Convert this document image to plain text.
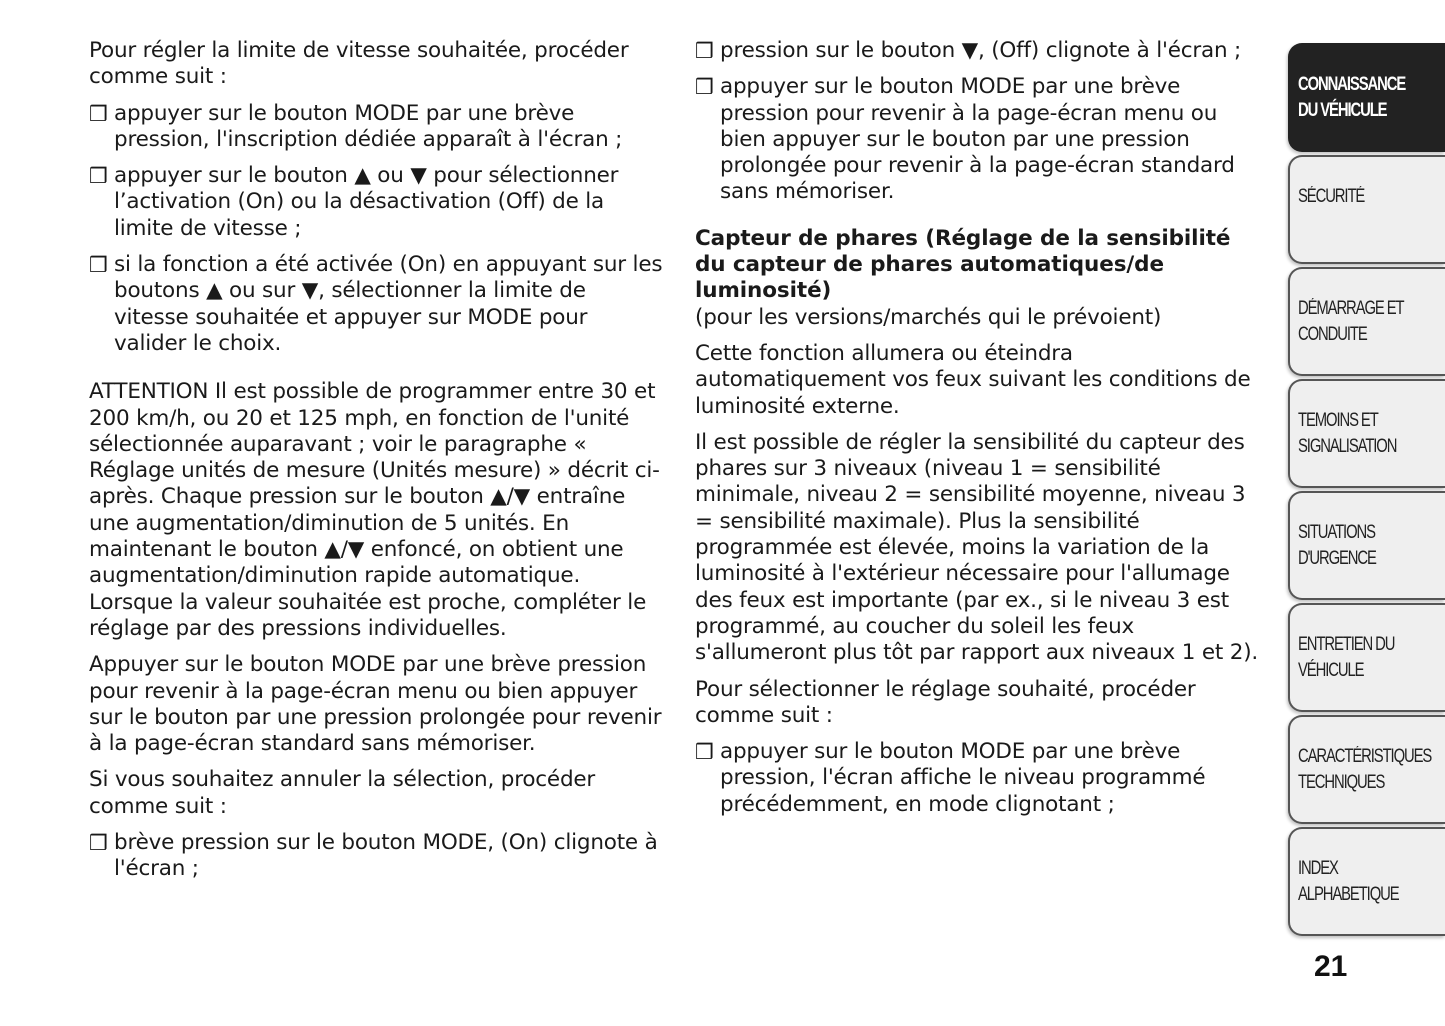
Pour régler la limite de vitesse souhaitée, procéder comme suit :

❒ appuyer sur le bouton MODE par une brève pression, l'inscription dédiée apparaît à l'écran ;

❒ appuyer sur le bouton ▲ ou ▼ pour sélectionner l’activation (On) ou la désactivation (Off) de la limite de vitesse ;

❒ si la fonction a été activée (On) en appuyant sur les boutons ▲ ou sur ▼, sélectionner la limite de vitesse souhaitée et appuyer sur MODE pour valider le choix.

ATTENTION Il est possible de programmer entre 30 et 200 km/h, ou 20 et 125 mph, en fonction de l'unité sélectionnée auparavant ; voir le paragraphe « Réglage unités de mesure (Unités mesure) » décrit ci-après. Chaque pression sur le bouton ▲/▼ entraîne une augmentation/diminution de 5 unités. En maintenant le bouton ▲/▼ enfoncé, on obtient une augmentation/diminution rapide automatique. Lorsque la valeur souhaitée est proche, compléter le réglage par des pressions individuelles.

Appuyer sur le bouton MODE par une brève pression pour revenir à la page-écran menu ou bien appuyer sur le bouton par une pression prolongée pour revenir à la page-écran standard sans mémoriser.

Si vous souhaitez annuler la sélection, procéder comme suit :

❒ brève pression sur le bouton MODE, (On) clignote à l'écran ;

❒ pression sur le bouton ▼, (Off) clignote à l'écran ;

❒ appuyer sur le bouton MODE par une brève pression pour revenir à la page-écran menu ou bien appuyer sur le bouton par une pression prolongée pour revenir à la page-écran standard sans mémoriser.

Capteur de phares (Réglage de la sensibilité du capteur de phares automatiques/de luminosité)

(pour les versions/marchés qui le prévoient)

Cette fonction allumera ou éteindra automatiquement vos feux suivant les conditions de luminosité externe.

Il est possible de régler la sensibilité du capteur des phares sur 3 niveaux (niveau 1 = sensibilité minimale, niveau 2 = sensibilité moyenne, niveau 3 = sensibilité maximale). Plus la sensibilité programmée est élevée, moins la variation de la luminosité à l'extérieur nécessaire pour l'allumage des feux est importante (par ex., si le niveau 3 est programmé, au coucher du soleil les feux s'allumeront plus tôt par rapport aux niveaux 1 et 2).

Pour sélectionner le réglage souhaité, procéder comme suit :

❒ appuyer sur le bouton MODE par une brève pression, l'écran affiche le niveau programmé précédemment, en mode clignotant ;

CONNAISSANCE
DU VÉHICULE
SÉCURITÉ
DÉMARRAGE ET
CONDUITE
TEMOINS ET
SIGNALISATION
SITUATIONS
D'URGENCE
ENTRETIEN DU
VÉHICULE
CARACTÉRISTIQUES
TECHNIQUES
INDEX
ALPHABETIQUE
21
